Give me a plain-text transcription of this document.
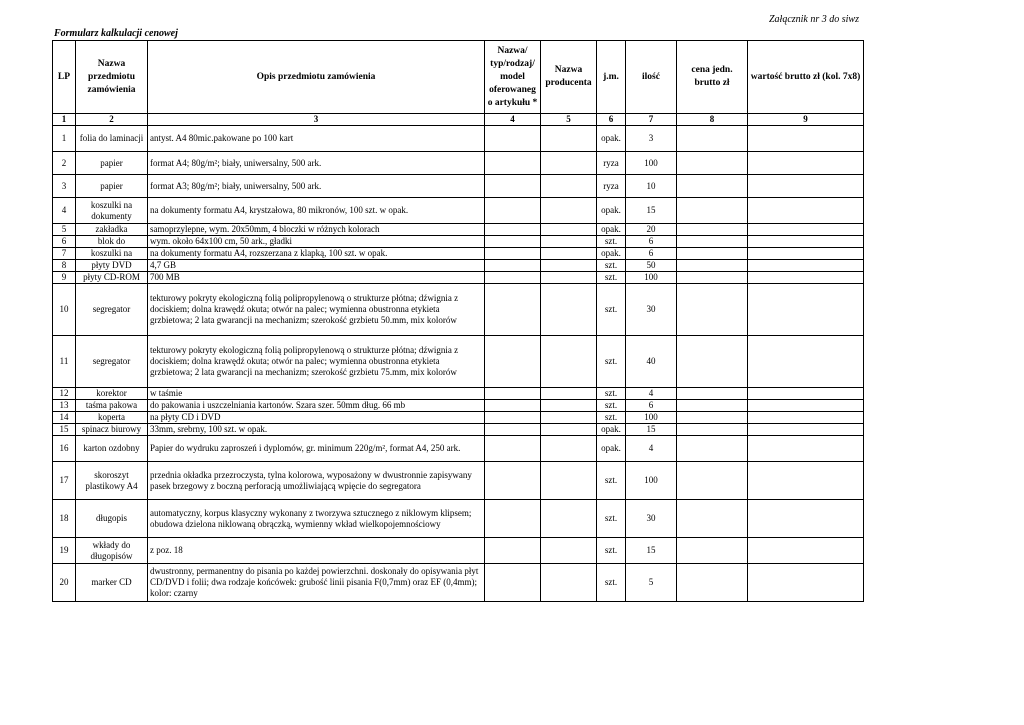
Załącznik nr 3 do siwz
Formularz kalkulacji cenowej
LP	Nazwa przedmiotu zamówienia	Opis przedmiotu zamówienia	Nazwa/ typ/rodzaj/ model oferowaneg o artykułu *	Nazwa producenta	j.m.	ilość	cena jedn. brutto zł	wartość brutto zł (kol. 7x8)
1	2	3	4	5	6	7	8	9
1	folia do laminacji	antyst. A4 80mic.pakowane po 100 kart			opak.	3		
2	papier	format A4; 80g/m²; biały, uniwersalny, 500 ark.			ryza	100		
3	papier	format A3; 80g/m²; biały, uniwersalny, 500 ark.			ryza	10		
4	koszulki na dokumenty	na dokumenty formatu A4, krystzałowa, 80 mikronów, 100 szt. w opak.			opak.	15		
5	zakładka	samoprzylepne, wym. 20x50mm, 4 bloczki w różnych kolorach			opak.	20		
6	blok do	wym. około 64x100 cm, 50 ark., gładki			szt.	6		
7	koszulki na	na dokumenty formatu A4, rozszerzana z klapką, 100 szt. w opak.			opak.	6		
8	płyty DVD	4,7 GB			szt.	50		
9	płyty CD-ROM	700 MB			szt.	100		
10	segregator	tekturowy pokryty ekologiczną folią polipropylenową o strukturze płótna; dźwignia z dociskiem; dolna krawędź okuta; otwór na palec; wymienna obustronna etykieta grzbietowa; 2 lata gwarancji na mechanizm; szerokość grzbietu 50.mm, mix kolorów			szt.	30		
11	segregator	tekturowy pokryty ekologiczną folią polipropylenową o strukturze płótna; dźwignia z dociskiem; dolna krawędź okuta; otwór na palec; wymienna obustronna etykieta grzbietowa; 2 lata gwarancji na mechanizm; szerokość grzbietu 75.mm, mix kolorów			szt.	40		
12	korektor	w taśmie			szt.	4		
13	taśma pakowa	do pakowania i uszczelniania kartonów. Szara szer. 50mm dług. 66 mb			szt.	6		
14	koperta	na płyty CD i DVD			szt.	100		
15	spinacz biurowy	33mm, srebrny, 100 szt. w opak.			opak.	15		
16	karton ozdobny	Papier do wydruku zaproszeń i dyplomów, gr. minimum 220g/m², format A4, 250 ark.			opak.	4		
17	skoroszyt plastikowy A4	przednia okładka przezroczysta, tylna kolorowa, wyposażony w dwustronnie zapisywany pasek brzegowy z boczną perforacją umożliwiającą wpięcie do segregatora			szt.	100		
18	długopis	automatyczny, korpus klasyczny wykonany z tworzywa sztucznego z niklowym klipsem; obudowa dzielona niklowaną obrączką, wymienny wkład wielkopojemnościowy			szt.	30		
19	wkłady do długopisów	z poz. 18			szt.	15		
20	marker CD	dwustronny, permanentny do pisania po każdej powierzchni. doskonały do opisywania płyt CD/DVD i folii; dwa rodzaje końcówek: grubość linii pisania F(0,7mm) oraz EF (0,4mm); kolor: czarny			szt.	5		
